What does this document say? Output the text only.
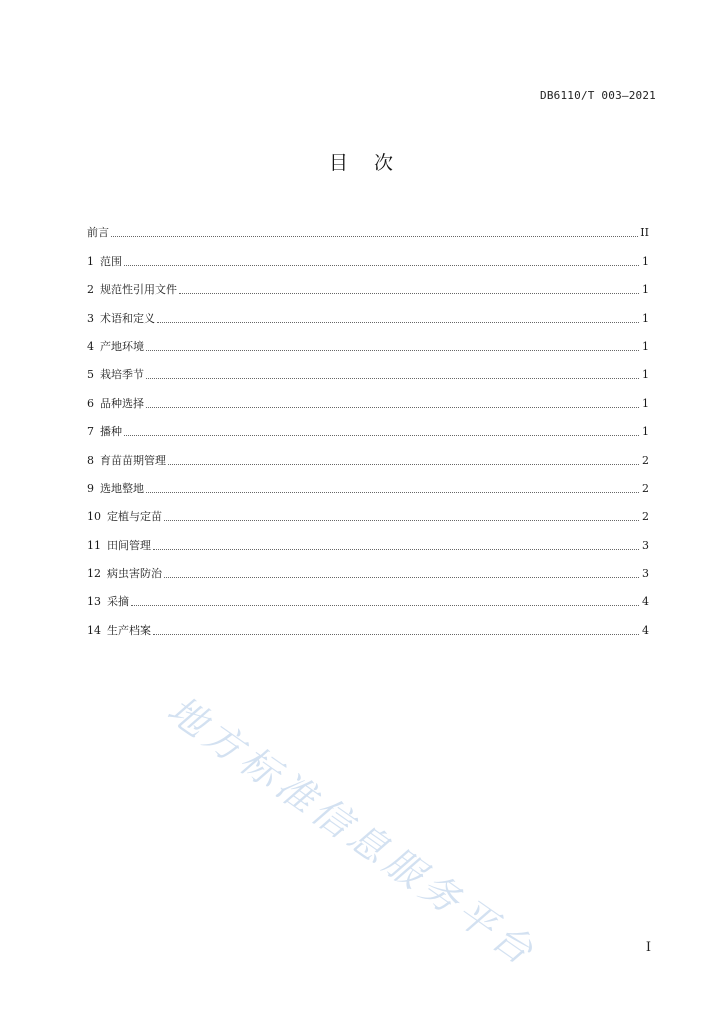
DB6110/T 003—2021
目 次
前言	II
1 范围	1
2 规范性引用文件	1
3 术语和定义	1
4 产地环境	1
5 栽培季节	1
6 品种选择	1
7 播种	1
8 育苗苗期管理	2
9 选地整地	2
10 定植与定苗	2
11 田间管理	3
12 病虫害防治	3
13 采摘	4
14 生产档案	4
地方标准信息服务平台	I
